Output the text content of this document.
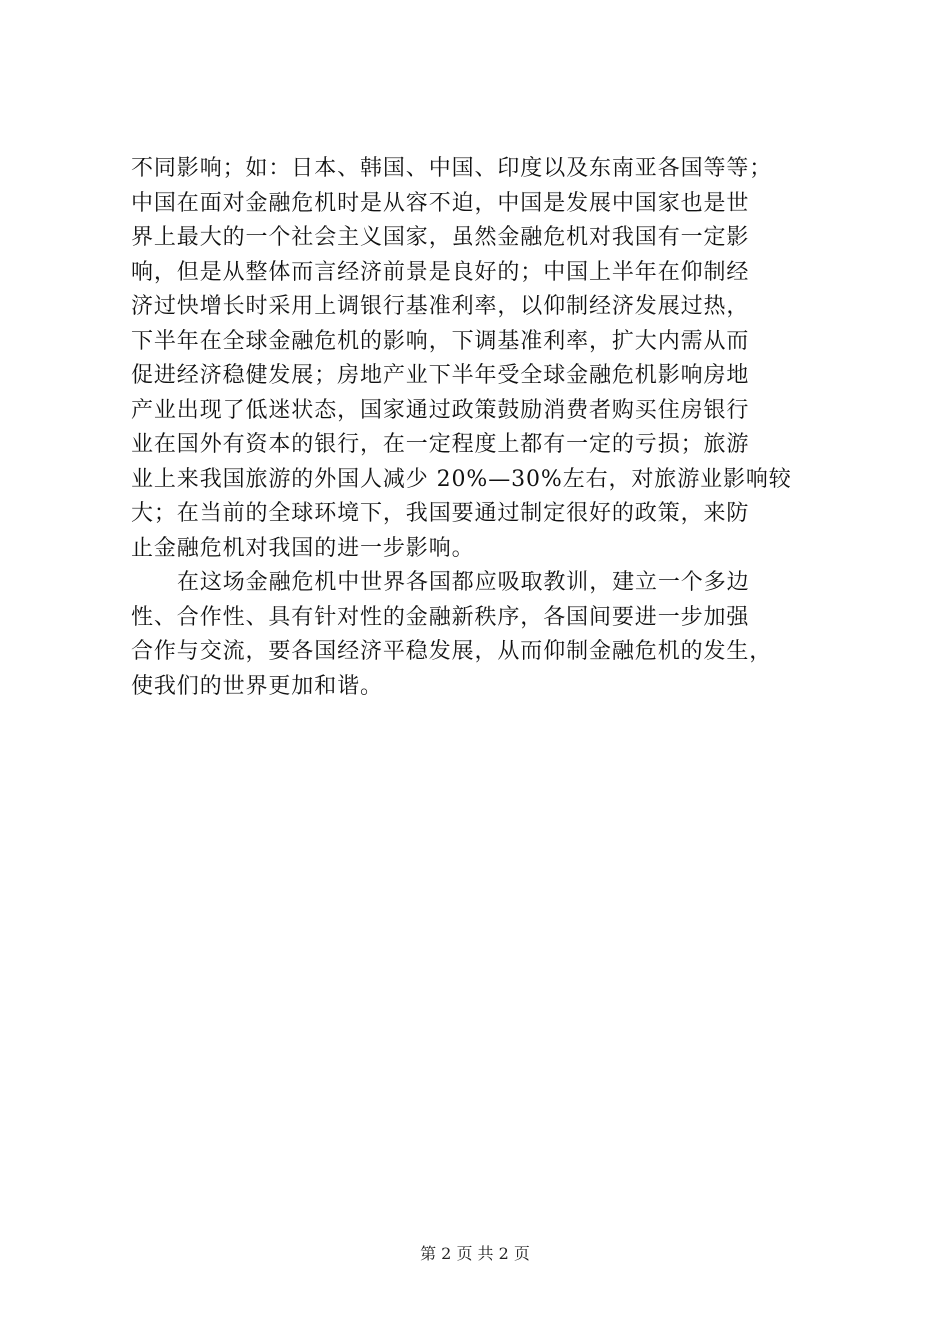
不同影响；如：日本、韩国、中国、印度以及东南亚各国等等；
中国在面对金融危机时是从容不迫，中国是发展中国家也是世
界上最大的一个社会主义国家，虽然金融危机对我国有一定影
响，但是从整体而言经济前景是良好的；中国上半年在仰制经
济过快增长时采用上调银行基准利率，以仰制经济发展过热，
下半年在全球金融危机的影响，下调基准利率，扩大内需从而
促进经济稳健发展；房地产业下半年受全球金融危机影响房地
产业出现了低迷状态，国家通过政策鼓励消费者购买住房银行
业在国外有资本的银行，在一定程度上都有一定的亏损；旅游
业上来我国旅游的外国人减少 20%—30%左右，对旅游业影响较
大；在当前的全球环境下，我国要通过制定很好的政策，来防
止金融危机对我国的进一步影响。
在这场金融危机中世界各国都应吸取教训，建立一个多边
性、合作性、具有针对性的金融新秩序，各国间要进一步加强
合作与交流，要各国经济平稳发展，从而仰制金融危机的发生，
使我们的世界更加和谐。
第 2 页 共 2 页
